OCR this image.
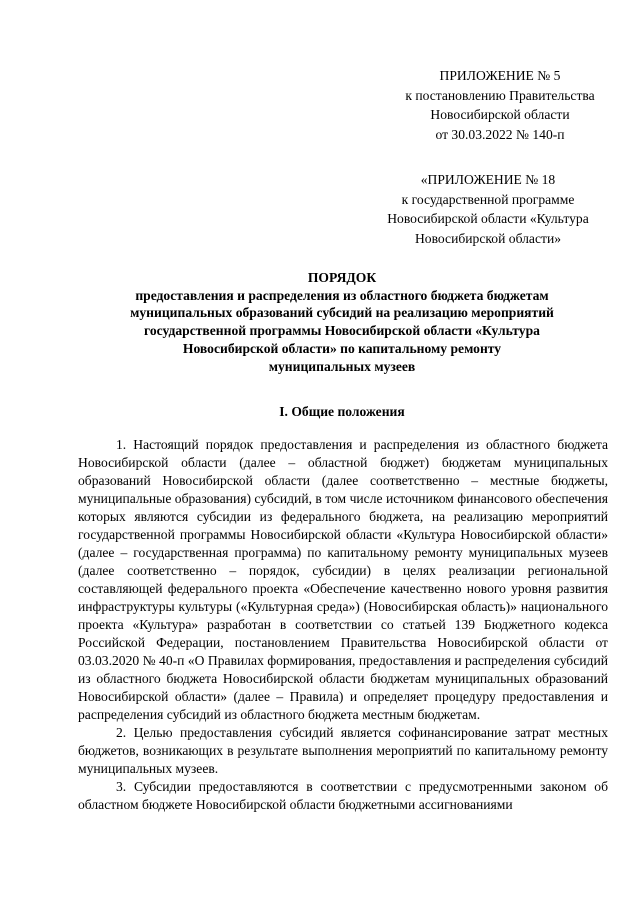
ПРИЛОЖЕНИЕ № 5
к постановлению Правительства
Новосибирской области
от 30.03.2022 № 140-п
«ПРИЛОЖЕНИЕ № 18
к государственной программе
Новосибирской области «Культура
Новосибирской области»
ПОРЯДОК
предоставления и распределения из областного бюджета бюджетам
муниципальных образований субсидий на реализацию мероприятий
государственной программы Новосибирской области «Культура
Новосибирской области» по капитальному ремонту
муниципальных музеев
I. Общие положения

1. Настоящий порядок предоставления и распределения из областного бюджета Новосибирской области (далее – областной бюджет) бюджетам муниципальных образований Новосибирской области (далее соответственно – местные бюджеты, муниципальные образования) субсидий, в том числе источником финансового обеспечения которых являются субсидии из федерального бюджета, на реализацию мероприятий государственной программы Новосибирской области «Культура Новосибирской области» (далее – государственная программа) по капитальному ремонту муниципальных музеев (далее соответственно – порядок, субсидии) в целях реализации региональной составляющей федерального проекта «Обеспечение качественно нового уровня развития инфраструктуры культуры («Культурная среда») (Новосибирская область)» национального проекта «Культура» разработан в соответствии со статьей 139 Бюджетного кодекса Российской Федерации, постановлением Правительства Новосибирской области от 03.03.2020 № 40-п «О Правилах формирования, предоставления и распределения субсидий из областного бюджета Новосибирской области бюджетам муниципальных образований Новосибирской области» (далее – Правила) и определяет процедуру предоставления и распределения субсидий из областного бюджета местным бюджетам.

2. Целью предоставления субсидий является софинансирование затрат местных бюджетов, возникающих в результате выполнения мероприятий по капитальному ремонту муниципальных музеев.

3. Субсидии предоставляются в соответствии с предусмотренными законом об областном бюджете Новосибирской области бюджетными ассигнованиями
